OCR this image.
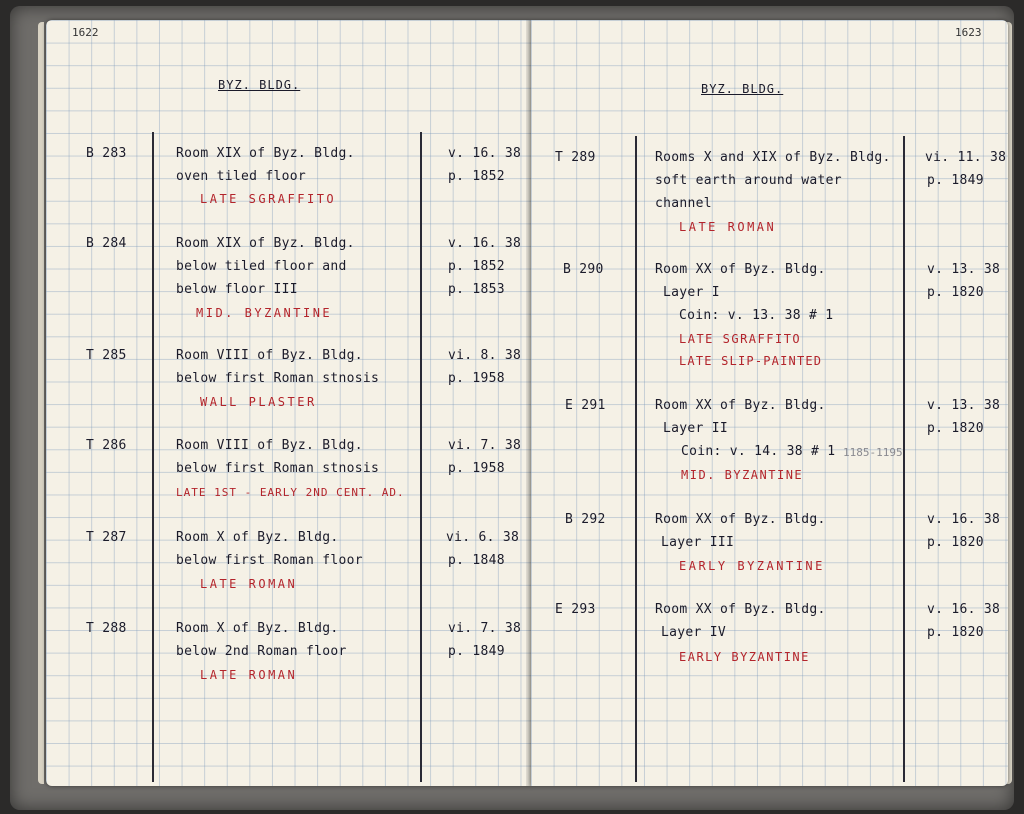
1622
BYZ. BLDG.
B 283	Room XIX of Byz. Bldg.
oven tiled floor
LATE SGRAFFITO
v. 16. 38
p. 1852
B 284	Room XIX of Byz. Bldg.
below tiled floor and
below floor III
MID. BYZANTINE
v. 16. 38
p. 1852
p. 1853
T 285	Room VIII of Byz. Bldg.
below first Roman stnosis
WALL PLASTER
vi. 8. 38
p. 1958
T 286	Room VIII of Byz. Bldg.
below first Roman stnosis
LATE 1ST - EARLY 2ND CENT. AD.
vi. 7. 38
p. 1958
T 287	Room X of Byz. Bldg.
below first Roman floor
LATE ROMAN
vi. 6. 38
p. 1848
T 288	Room X of Byz. Bldg.
below 2nd Roman floor
LATE ROMAN
vi. 7. 38
p. 1849
1623
BYZ. BLDG.
T 289	Rooms X and XIX of Byz. Bldg.
soft earth around water
channel
LATE ROMAN
vi. 11. 38
p. 1849
B 290	Room XX of Byz. Bldg.
Layer I
Coin: v. 13. 38 # 1
LATE SGRAFFITO
LATE SLIP-PAINTED
v. 13. 38
p. 1820
E 291	Room XX of Byz. Bldg.
Layer II
Coin: v. 14. 38 # 1 1185-1195
MID. BYZANTINE
v. 13. 38
p. 1820
B 292	Room XX of Byz. Bldg.
Layer III
EARLY BYZANTINE
v. 16. 38
p. 1820
E 293	Room XX of Byz. Bldg.
Layer IV
EARLY BYZANTINE
v. 16. 38
p. 1820
